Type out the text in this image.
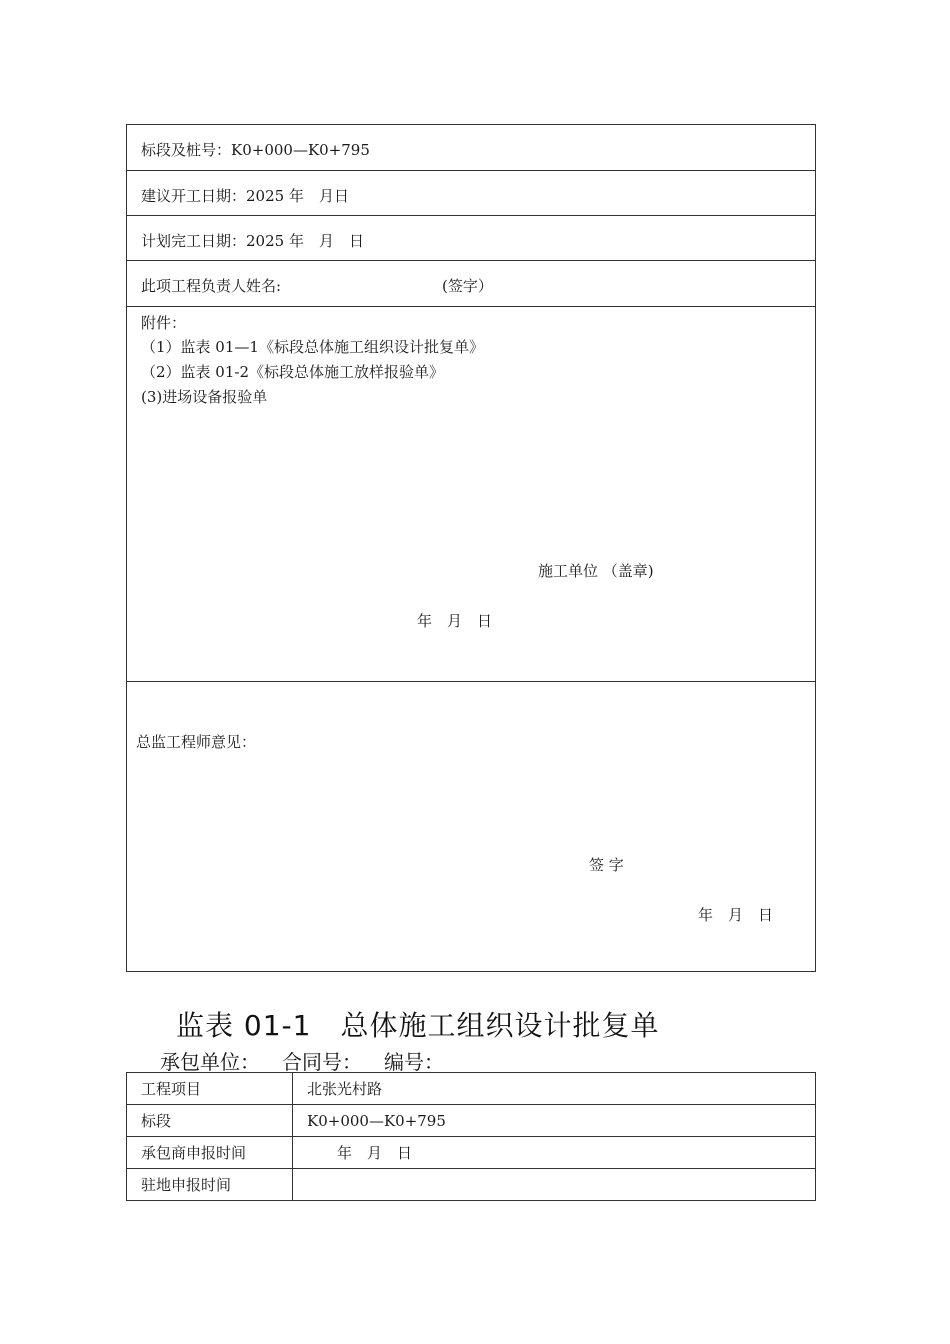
标段及桩号：K0+000—K0+795
建议开工日期：2025 年　月日
计划完工日期：2025 年　月　日
此项工程负责人姓名:	(签字）
附件：
（1）监表 01—1《标段总体施工组织设计批复单》
（2）监表 01-2《标段总体施工放样报验单》
(3)进场设备报验单
施工单位 （盖章)
年　月　日
总监工程师意见：
签 字
年　月　日
监表 01-1　总体施工组织设计批复单
承包单位： 合同号： 编号：
工程项目	北张光村路
标段	K0+000—K0+795
承包商申报时间	　　年　月　日
驻地申报时间	
